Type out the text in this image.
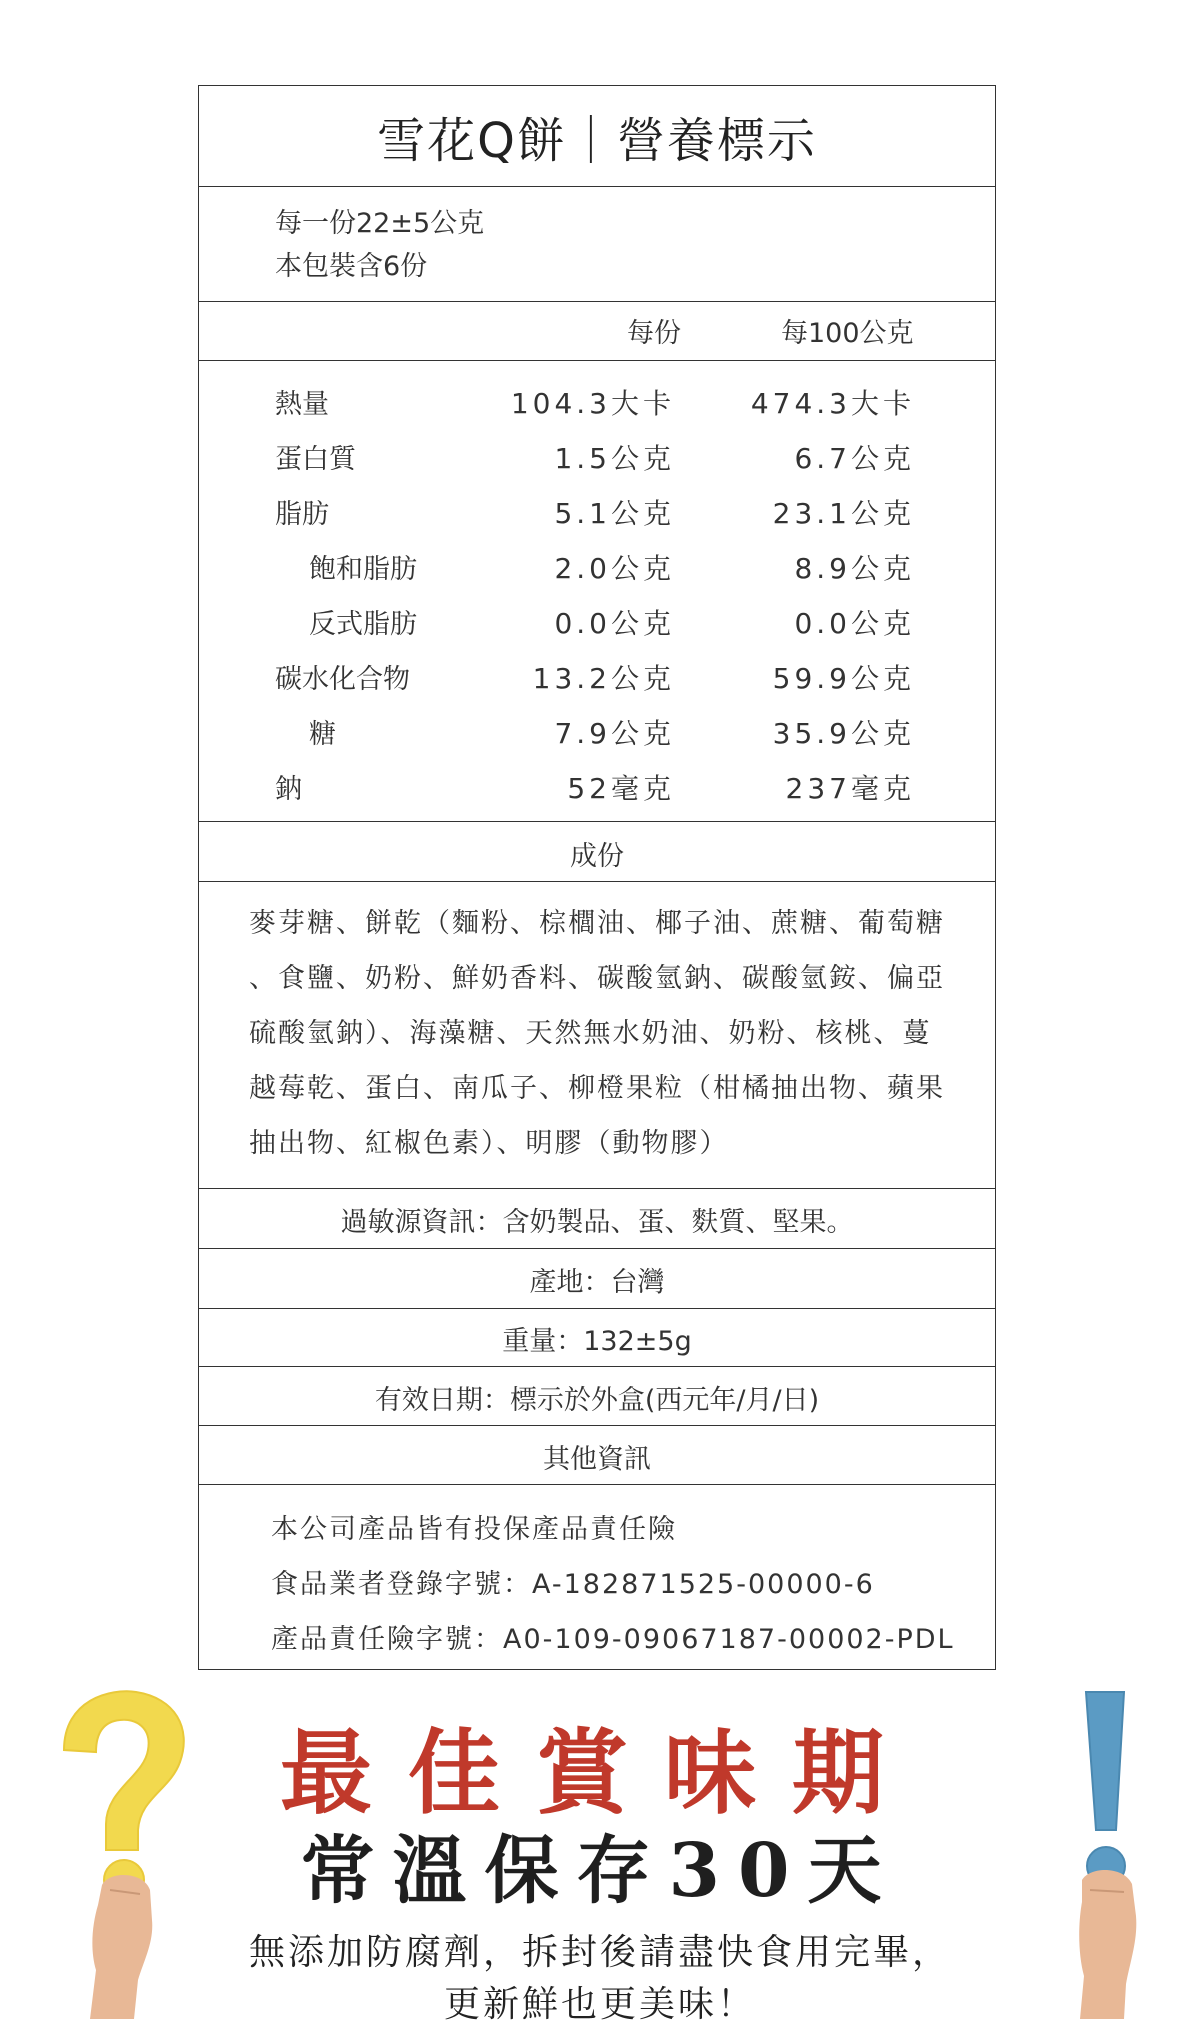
雪花Q餅｜營養標示
每一份22±5公克
本包裝含6份
每份	每100公克
熱量	104.3大卡	474.3大卡
蛋白質	1.5公克	6.7公克
脂肪	5.1公克	23.1公克
飽和脂肪	2.0公克	8.9公克
反式脂肪	0.0公克	0.0公克
碳水化合物	13.2公克	59.9公克
糖	7.9公克	35.9公克
鈉	52毫克	237毫克
成份
麥芽糖、餅乾（麵粉、棕櫚油、椰子油、蔗糖、葡萄糖
、食鹽、奶粉、鮮奶香料、碳酸氫鈉、碳酸氫銨、偏亞
硫酸氫鈉）、海藻糖、天然無水奶油、奶粉、核桃、蔓
越莓乾、蛋白、南瓜子、柳橙果粒（柑橘抽出物、蘋果
抽出物、紅椒色素）、明膠（動物膠）
過敏源資訊：含奶製品、蛋、麩質、堅果。
產地：台灣
重量：132±5g
有效日期：標示於外盒(西元年/月/日)
其他資訊
本公司產品皆有投保產品責任險
食品業者登錄字號：A-182871525-00000-6
產品責任險字號：A0-109-09067187-00002-PDL
最佳賞味期
常溫保存30天
無添加防腐劑，拆封後請盡快食用完畢，
更新鮮也更美味！
